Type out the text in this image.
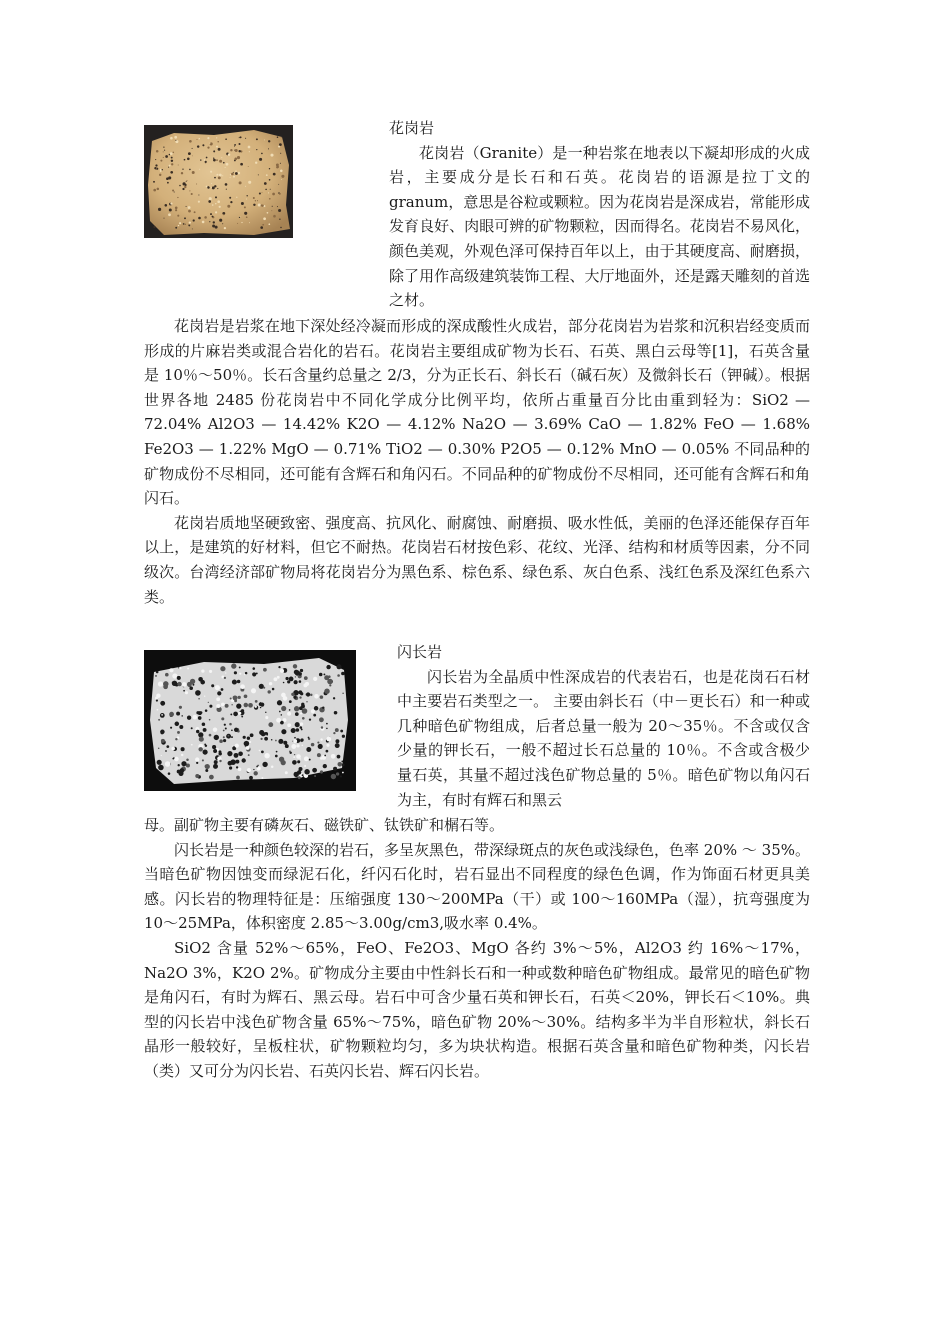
花岗岩

花岗岩（Granite）是一种岩浆在地表以下凝却形成的火成岩，主要成分是长石和石英。花岗岩的语源是拉丁文的 granum，意思是谷粒或颗粒。因为花岗岩是深成岩，常能形成发育良好、肉眼可辨的矿物颗粒，因而得名。花岗岩不易风化，颜色美观，外观色泽可保持百年以上，由于其硬度高、耐磨损，除了用作高级建筑装饰工程、大厅地面外，还是露天雕刻的首选之材。

花岗岩是岩浆在地下深处经冷凝而形成的深成酸性火成岩，部分花岗岩为岩浆和沉积岩经变质而形成的片麻岩类或混合岩化的岩石。花岗岩主要组成矿物为长石、石英、黑白云母等[1]，石英含量是 10％～50％。长石含量约总量之 2/3，分为正长石、斜长石（碱石灰）及微斜长石（钾碱）。根据世界各地 2485 份花岗岩中不同化学成分比例平均，依所占重量百分比由重到轻为：SiO2 — 72.04% Al2O3 — 14.42% K2O — 4.12% Na2O — 3.69% CaO — 1.82% FeO — 1.68% Fe2O3 — 1.22% MgO — 0.71% TiO2 — 0.30% P2O5 — 0.12% MnO — 0.05% 不同品种的矿物成份不尽相同，还可能有含辉石和角闪石。不同品种的矿物成份不尽相同，还可能有含辉石和角闪石。

花岗岩质地坚硬致密、强度高、抗风化、耐腐蚀、耐磨损、吸水性低，美丽的色泽还能保存百年以上，是建筑的好材料，但它不耐热。花岗岩石材按色彩、花纹、光泽、结构和材质等因素，分不同级次。台湾经济部矿物局将花岗岩分为黑色系、棕色系、绿色系、灰白色系、浅红色系及深红色系六类。

闪长岩

闪长岩为全晶质中性深成岩的代表岩石，也是花岗石石材中主要岩石类型之一。 主要由斜长石（中－更长石）和一种或几种暗色矿物组成，后者总量一般为 20～35％。不含或仅含少量的钾长石，一般不超过长石总量的 10％。不含或含极少量石英，其量不超过浅色矿物总量的 5％。暗色矿物以角闪石为主，有时有辉石和黑云

母。副矿物主要有磷灰石、磁铁矿、钛铁矿和榍石等。

闪长岩是一种颜色较深的岩石，多呈灰黑色，带深绿斑点的灰色或浅绿色，色率 20% ～ 35%。当暗色矿物因蚀变而绿泥石化，纤闪石化时，岩石显出不同程度的绿色色调，作为饰面石材更具美感。闪长岩的物理特征是：压缩强度 130～200MPa（干）或 100～160MPa（湿），抗弯强度为 10～25MPa，体积密度 2.85～3.00g/cm3,吸水率 0.4%。

SiO2 含量 52%～65%，FeO、Fe2O3、MgO 各约 3%～5%，Al2O3 约 16%～17%，Na2O 3%，K2O 2%。矿物成分主要由中性斜长石和一种或数种暗色矿物组成。最常见的暗色矿物是角闪石，有时为辉石、黑云母。岩石中可含少量石英和钾长石，石英＜20%，钾长石＜10%。典型的闪长岩中浅色矿物含量 65%～75%，暗色矿物 20%～30%。结构多半为半自形粒状，斜长石晶形一般较好，呈板柱状，矿物颗粒均匀，多为块状构造。根据石英含量和暗色矿物种类，闪长岩（类）又可分为闪长岩、石英闪长岩、辉石闪长岩。
